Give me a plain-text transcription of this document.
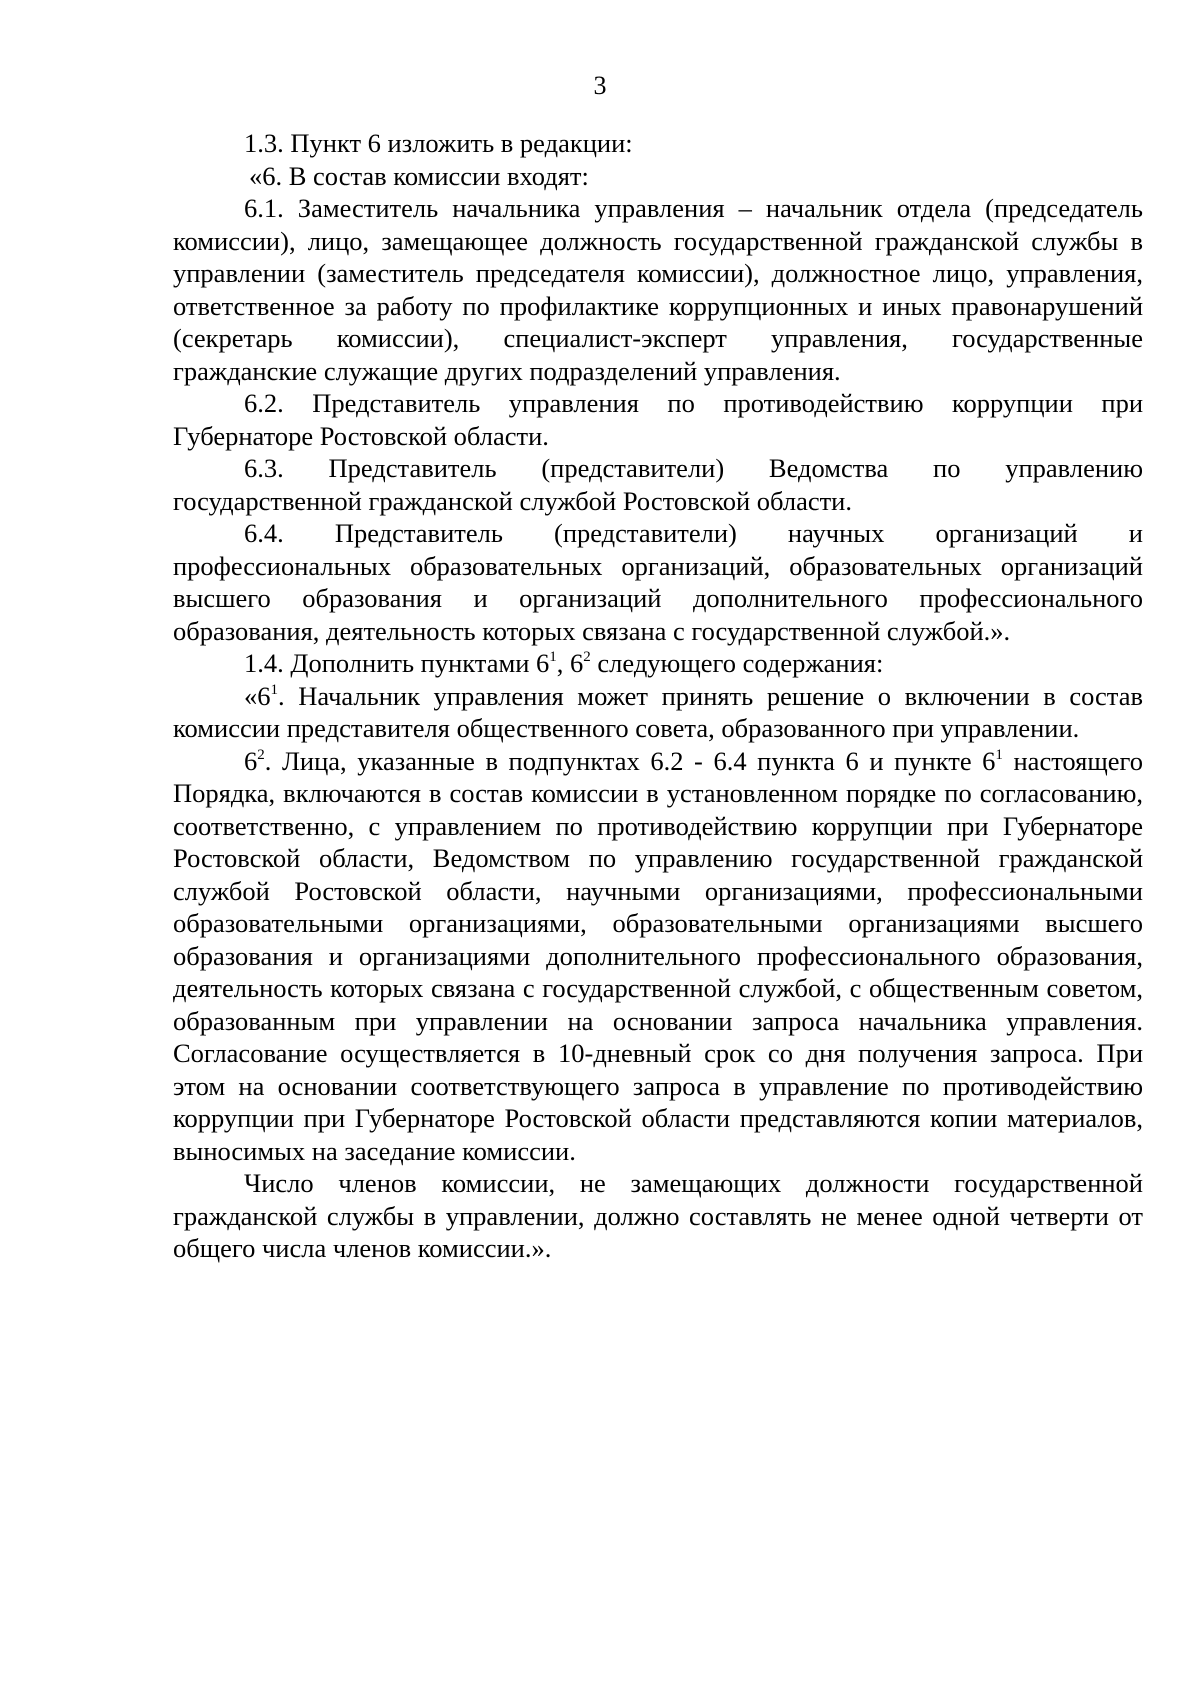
3

1.3. Пункт 6 изложить в редакции:

«6. В состав комиссии входят:

6.1. Заместитель начальника управления – начальник отдела (председатель комиссии), лицо, замещающее должность государственной гражданской службы в управлении (заместитель председателя комиссии), должностное лицо, управления, ответственное за работу по профилактике коррупционных и иных правонарушений (секретарь комиссии), специалист-эксперт управления, государственные гражданские служащие других подразделений управления.

6.2. Представитель управления по противодействию коррупции при Губернаторе Ростовской области.

6.3. Представитель (представители) Ведомства по управлению государственной гражданской службой Ростовской области.

6.4. Представитель (представители) научных организаций и профессиональных образовательных организаций, образовательных организаций высшего образования и организаций дополнительного профессионального образования, деятельность которых связана с государственной службой.».

1.4. Дополнить пунктами $6^1$, $6^2$ следующего содержания:

«$6^1$. Начальник управления может принять решение о включении в состав комиссии представителя общественного совета, образованного при управлении.

$6^2$. Лица, указанные в подпунктах 6.2 - 6.4 пункта 6 и пункте $6^1$ настоящего Порядка, включаются в состав комиссии в установленном порядке по согласованию, соответственно, с управлением по противодействию коррупции при Губернаторе Ростовской области, Ведомством по управлению государственной гражданской службой Ростовской области, научными организациями, профессиональными образовательными организациями, образовательными организациями высшего образования и организациями дополнительного профессионального образования, деятельность которых связана с государственной службой, с общественным советом, образованным при управлении на основании запроса начальника управления. Согласование осуществляется в 10-дневный срок со дня получения запроса. При этом на основании соответствующего запроса в управление по противодействию коррупции при Губернаторе Ростовской области представляются копии материалов, выносимых на заседание комиссии.

Число членов комиссии, не замещающих должности государственной гражданской службы в управлении, должно составлять не менее одной четверти от общего числа членов комиссии.».
